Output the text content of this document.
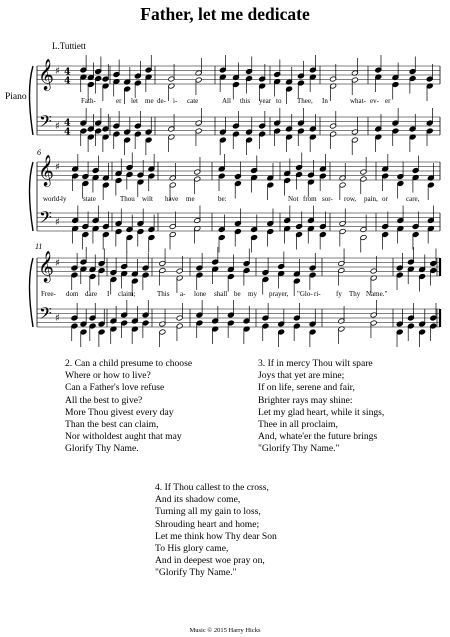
Father, let me dedicate
L.Tuttiett
Piano
6
11
𝄞
𝄢
♯
♯
4
4
4
4
𝄞
𝄢
♯
♯
𝄞
𝄢
♯
♯
Fath-	er let me de- i- cate	All this year to Thee, In	what- ev- er
world- ly state	Thou wilt have me	be:	Not from sor- row, pain, or	care,
Free- dom dare I claim;	This a- lone shall be my prayer, "Glo- ri- fy Thy Name."
2. Can a child presume to choose
Where or how to live?
Can a Father's love refuse
All the best to give?
More Thou givest every day
Than the best can claim,
Nor witholdest aught that may
Glorify Thy Name.
3. If in mercy Thou wilt spare
Joys that yet are mine;
If on life, serene and fair,
Brighter rays may shine:
Let my glad heart, while it sings,
Thee in all proclaim,
And, whate'er the future brings
"Glorify Thy Name."
4. If Thou callest to the cross,
And its shadow come,
Turning all my gain to loss,
Shrouding heart and home;
Let me think how Thy dear Son
To His glory came,
And in deepest woe pray on,
"Glorify Thy Name."
Music © 2015 Harry Hicks
